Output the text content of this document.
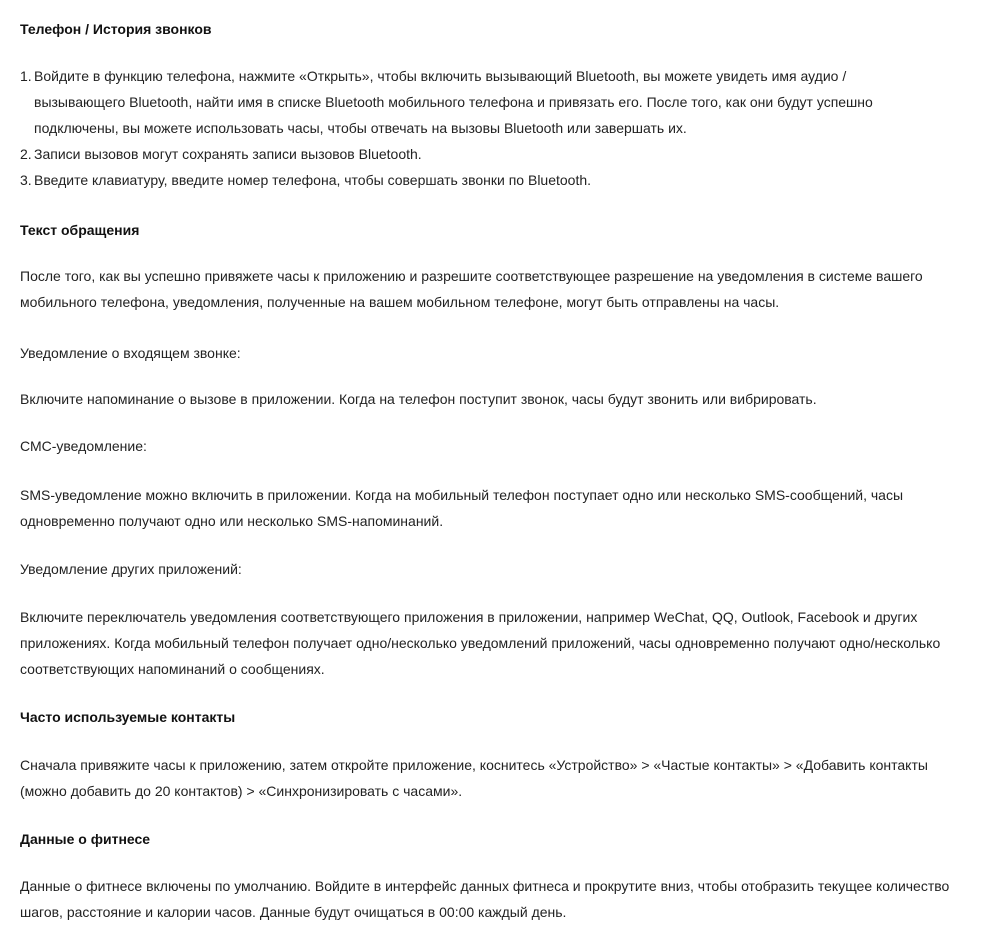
Телефон / История звонков
1. Войдите в функцию телефона, нажмите «Открыть», чтобы включить вызывающий Bluetooth, вы можете увидеть имя аудио / вызывающего Bluetooth, найти имя в списке Bluetooth мобильного телефона и привязать его. После того, как они будут успешно подключены, вы можете использовать часы, чтобы отвечать на вызовы Bluetooth или завершать их.
2. Записи вызовов могут сохранять записи вызовов Bluetooth.
3. Введите клавиатуру, введите номер телефона, чтобы совершать звонки по Bluetooth.
Текст обращения
После того, как вы успешно привяжете часы к приложению и разрешите соответствующее разрешение на уведомления в системе вашего мобильного телефона, уведомления, полученные на вашем мобильном телефоне, могут быть отправлены на часы.
Уведомление о входящем звонке:
Включите напоминание о вызове в приложении. Когда на телефон поступит звонок, часы будут звонить или вибрировать.
СМС-уведомление:
SMS-уведомление можно включить в приложении. Когда на мобильный телефон поступает одно или несколько SMS-сообщений, часы одновременно получают одно или несколько SMS-напоминаний.
Уведомление других приложений:
Включите переключатель уведомления соответствующего приложения в приложении, например WeChat, QQ, Outlook, Facebook и других приложениях. Когда мобильный телефон получает одно/несколько уведомлений приложений, часы одновременно получают одно/несколько соответствующих напоминаний о сообщениях.
Часто используемые контакты
Сначала привяжите часы к приложению, затем откройте приложение, коснитесь «Устройство» > «Частые контакты» > «Добавить контакты (можно добавить до 20 контактов) > «Синхронизировать с часами».
Данные о фитнесе
Данные о фитнесе включены по умолчанию. Войдите в интерфейс данных фитнеса и прокрутите вниз, чтобы отобразить текущее количество шагов, расстояние и калории часов. Данные будут очищаться в 00:00 каждый день.
